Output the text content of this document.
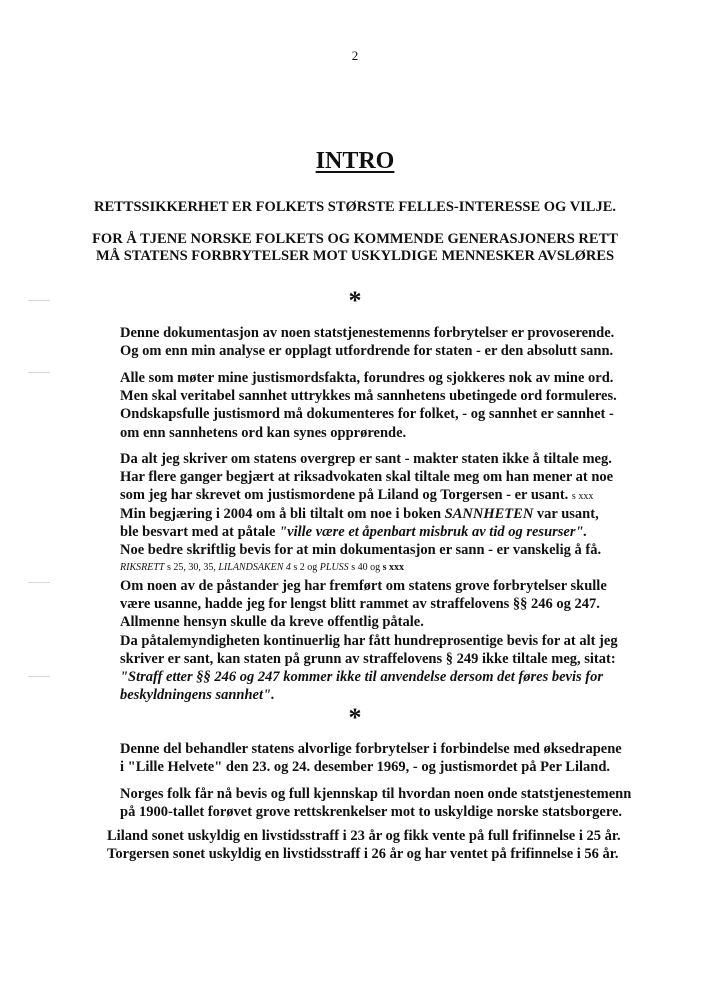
2
INTRO

RETTSSIKKERHET ER FOLKETS STØRSTE FELLES-INTERESSE OG VILJE.

FOR Å TJENE NORSKE FOLKETS OG KOMMENDE GENERASJONERS RETT

MÅ STATENS FORBRYTELSER MOT USKYLDIGE MENNESKER AVSLØRES

*
Denne dokumentasjon av noen statstjenestemenns forbrytelser er provoserende.
Og om enn min analyse er opplagt utfordrende for staten - er den absolutt sann.
Alle som møter mine justismordsfakta, forundres og sjokkeres nok av mine ord.
Men skal veritabel sannhet uttrykkes må sannhetens ubetingede ord formuleres.
Ondskapsfulle justismord må dokumenteres for folket, - og sannhet er sannhet -
om enn sannhetens ord kan synes opprørende.
Da alt jeg skriver om statens overgrep er sant - makter staten ikke å tiltale meg.
Har flere ganger begjært at riksadvokaten skal tiltale meg om han mener at noe
som jeg har skrevet om justismordene på Liland og Torgersen - er usant. s xxx
Min begjæring i 2004 om å bli tiltalt om noe i boken SANNHETEN var usant,
ble besvart med at påtale "ville være et åpenbart misbruk av tid og resurser".
Noe bedre skriftlig bevis for at min dokumentasjon er sann - er vanskelig å få.
RIKSRETT s 25, 30, 35, LILANDSAKEN 4 s 2 og PLUSS s 40 og s xxx
Om noen av de påstander jeg har fremført om statens grove forbrytelser skulle
være usanne, hadde jeg for lengst blitt rammet av straffelovens §§ 246 og 247.
Allmenne hensyn skulle da kreve offentlig påtale.
Da påtalemyndigheten kontinuerlig har fått hundreprosentige bevis for at alt jeg
skriver er sant, kan staten på grunn av straffelovens § 249 ikke tiltale meg, sitat:
"Straff etter §§ 246 og 247 kommer ikke til anvendelse dersom det føres bevis for
beskyldningens sannhet".
*
Denne del behandler statens alvorlige forbrytelser i forbindelse med øksedrapene
i "Lille Helvete" den 23. og 24. desember 1969, - og justismordet på Per Liland.
Norges folk får nå bevis og full kjennskap til hvordan noen onde statstjenestemenn
på 1900-tallet forøvet grove rettskrenkelser mot to uskyldige norske statsborgere.
Liland sonet uskyldig en livstidsstraff i 23 år og fikk vente på full frifinnelse i 25 år.
Torgersen sonet uskyldig en livstidsstraff i 26 år og har ventet på frifinnelse i 56 år.
